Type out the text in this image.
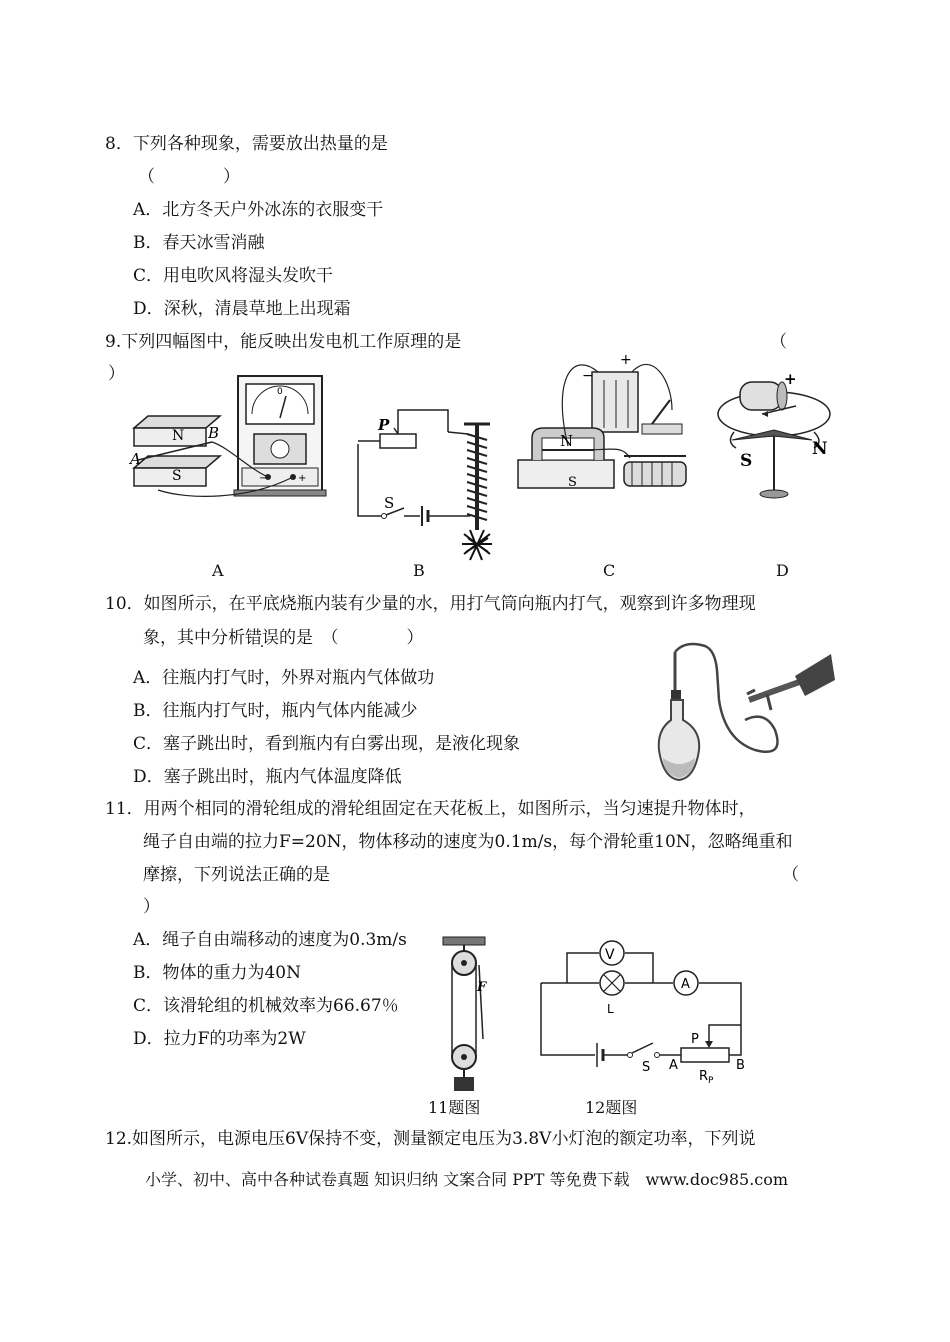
8．下列各种现象，需要放出热量的是
（　　　　）
A．北方冬天户外冰冻的衣服变干
B．春天冰雪消融
C．用电吹风将湿头发吹干
D．深秋，清晨草地上出现霜
9.下列四幅图中，能反映出发电机工作原理的是	（
）
N
S
A
B
0
−	+
P
S
N
S
+
−	+
S
N
A	B	C	D
10．如图所示，在平底烧瓶内装有少量的水，用打气筒向瓶内打气，观察到许多物理现
象，其中分析错误的是　（　　　　）
A．往瓶内打气时，外界对瓶内气体做功
B．往瓶内打气时，瓶内气体内能减少
C．塞子跳出时，看到瓶内有白雾出现，是液化现象
D．塞子跳出时，瓶内气体温度降低
11．用两个相同的滑轮组成的滑轮组固定在天花板上，如图所示，当匀速提升物体时，
绳子自由端的拉力F=20N，物体移动的速度为0.1m/s，每个滑轮重10N，忽略绳重和
摩擦，下列说法正确的是	（
）
A．绳子自由端移动的速度为0.3m/s
B．物体的重力为40N
C．该滑轮组的机械效率为66.67％
D．拉力F的功率为2W
F
11题图
V
A
L
P
S A	B
$R_P$
12题图
12.如图所示，电源电压6V保持不变，测量额定电压为3.8V小灯泡的额定功率，下列说
小学、初中、高中各种试卷真题 知识归纳 文案合同 PPT 等免费下载　www.doc985.com
